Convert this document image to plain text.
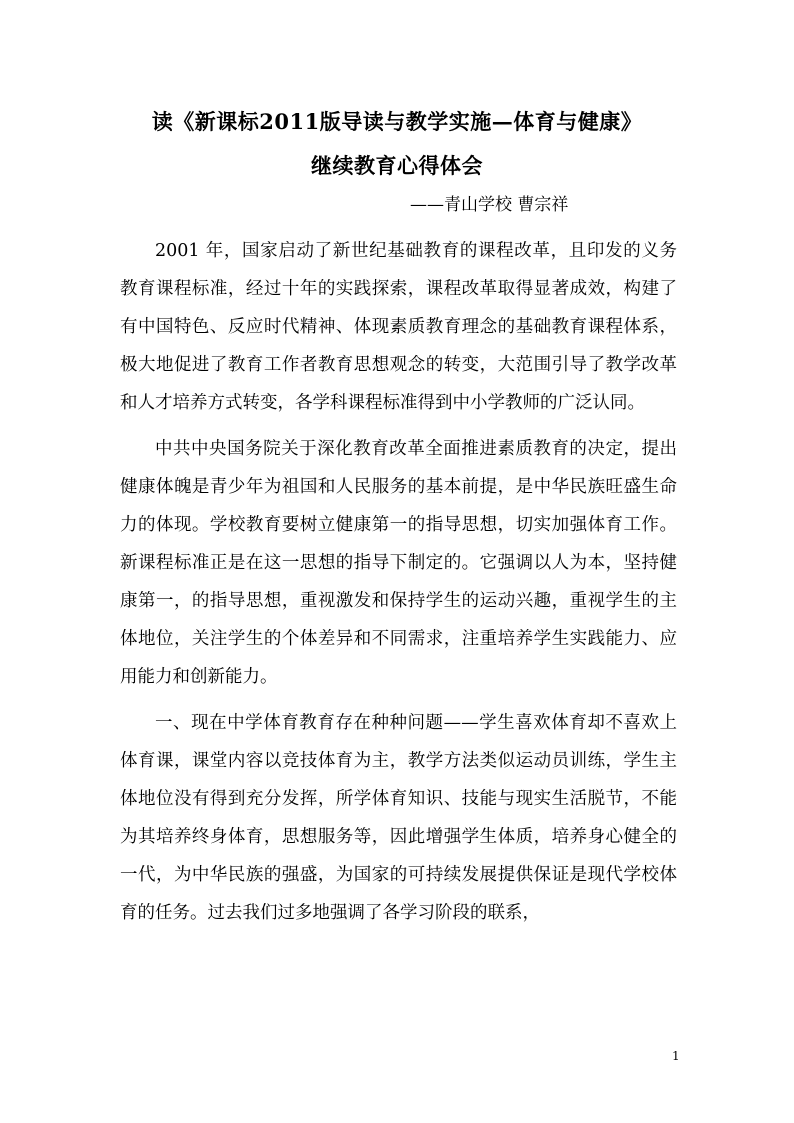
读《新课标2011版导读与教学实施—体育与健康》
继续教育心得体会
——青山学校 曹宗祥

2001 年，国家启动了新世纪基础教育的课程改革，且印发的义务教育课程标准，经过十年的实践探索，课程改革取得显著成效，构建了有中国特色、反应时代精神、体现素质教育理念的基础教育课程体系，极大地促进了教育工作者教育思想观念的转变，大范围引导了教学改革和人才培养方式转变，各学科课程标准得到中小学教师的广泛认同。

中共中央国务院关于深化教育改革全面推进素质教育的决定，提出健康体魄是青少年为祖国和人民服务的基本前提，是中华民族旺盛生命力的体现。学校教育要树立健康第一的指导思想，切实加强体育工作。新课程标准正是在这一思想的指导下制定的。它强调以人为本，坚持健康第一，的指导思想，重视激发和保持学生的运动兴趣，重视学生的主体地位，关注学生的个体差异和不同需求，注重培养学生实践能力、应用能力和创新能力。

一、现在中学体育教育存在种种问题——学生喜欢体育却不喜欢上体育课，课堂内容以竞技体育为主，教学方法类似运动员训练，学生主体地位没有得到充分发挥，所学体育知识、技能与现实生活脱节，不能为其培养终身体育，思想服务等，因此增强学生体质，培养身心健全的一代，为中华民族的强盛，为国家的可持续发展提供保证是现代学校体育的任务。过去我们过多地强调了各学习阶段的联系，

1
